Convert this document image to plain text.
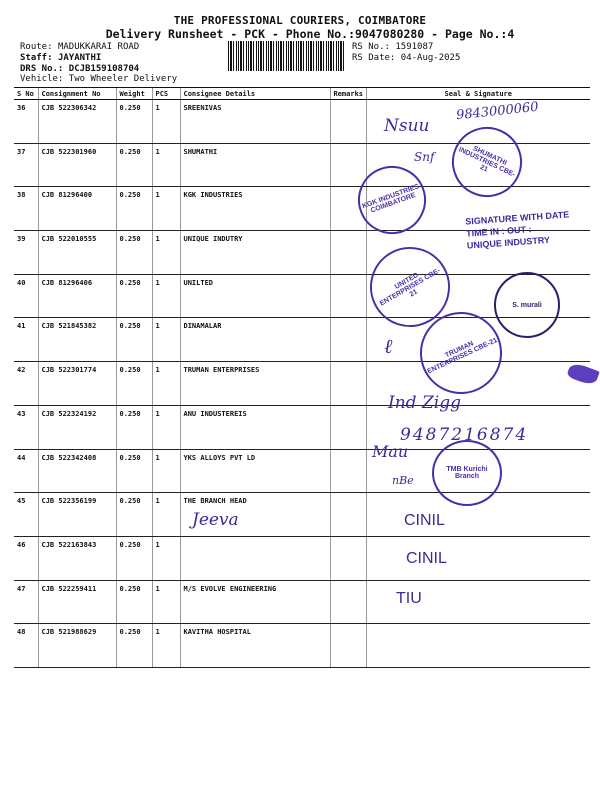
THE PROFESSIONAL COURIERS, COIMBATORE
Delivery Runsheet - PCK - Phone No.:9047080280 - Page No.:4
Route: MADUKKARAI ROAD
Staff: JAYANTHI
DRS No.: DCJB159108704
Vehicle: Two Wheeler Delivery
RS No.: 1591087
RS Date: 04-Aug-2025
S No	Consignment No	Weight	PCS	Consignee Details	Remarks	Seal & Signature
36	CJB 522306342	0.250	1	SREENIVAS		
37	CJB 522301960	0.250	1	SHUMATHI		
38	CJB 81296400	0.250	1	KGK INDUSTRIES		
39	CJB 522010555	0.250	1	UNIQUE INDUTRY		
40	CJB 81296406	0.250	1	UNILTED		
41	CJB 521845382	0.250	1	DINAMALAR		
42	CJB 522301774	0.250	1	TRUMAN ENTERPRISES		
43	CJB 522324192	0.250	1	ANU INDUSTEREIS		
44	CJB 522342408	0.250	1	YKS ALLOYS PVT LD		
45	CJB 522356199	0.250	1	THE BRANCH HEAD		
46	CJB 522163843	0.250	1			
47	CJB 522259411	0.250	1	M/S EVOLVE ENGINEERING		
48	CJB 521988629	0.250	1	KAVITHA HOSPITAL		
9843000060
Nsuu
SHUMATHI INDUSTRIES CBE-21
Snf
KGK INDUSTRIES COIMBATORE
SIGNATURE WITH DATE
TIME IN : OUT :
UNIQUE INDUSTRY
UNITED ENTERPRISES CBE-21
S. murali
ℓ	TRUMAN ENTERPRISES CBE-21
Ind Zigg
9487216874
Mau
TMB Kurichi Branch
nBe
Jeeva	CINIL
CINIL
TIU
